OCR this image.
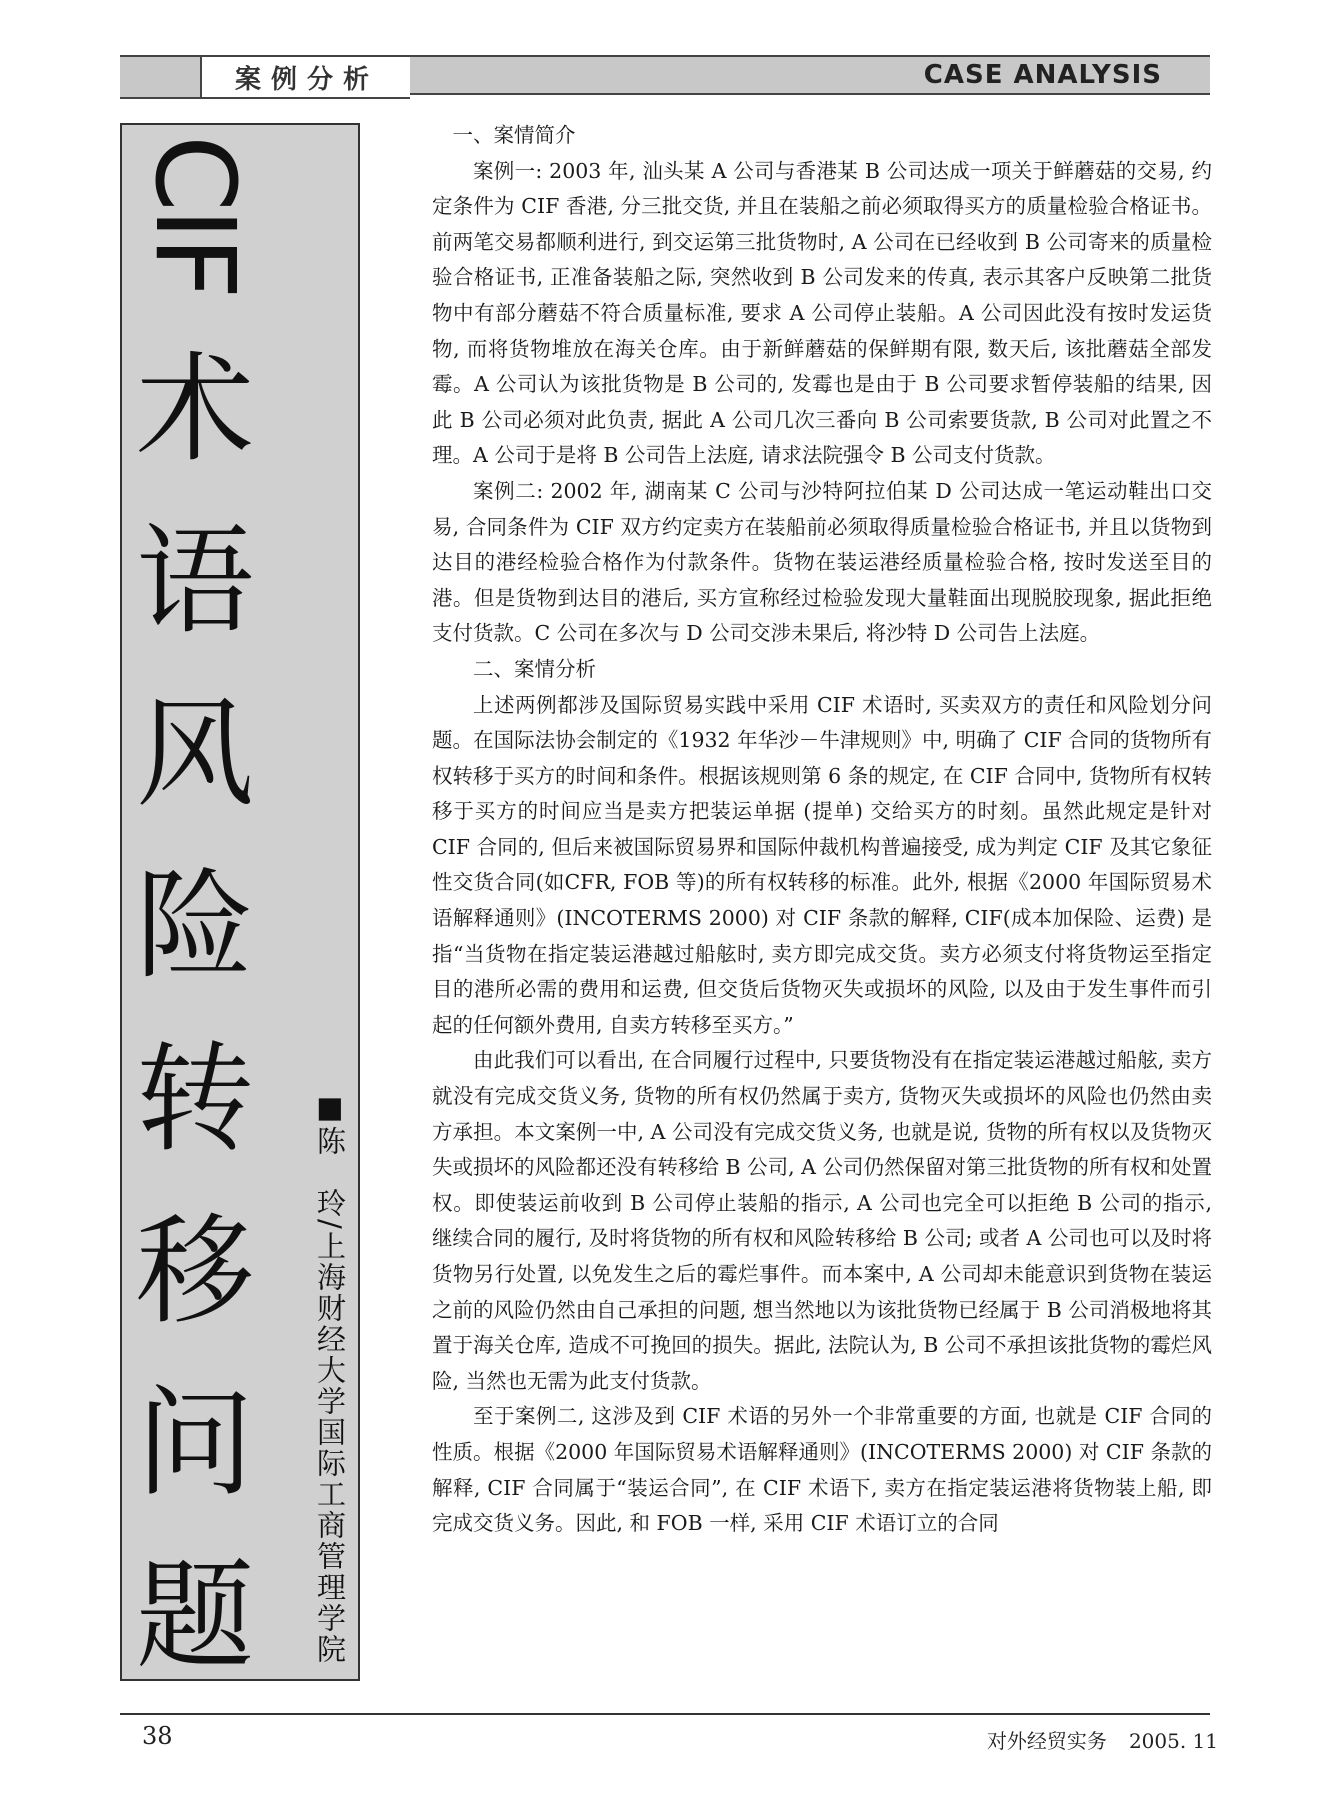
案例分析	CASE ANALYSIS
CIF
术
语
风
险
转
移
问
题 ■陈　玲/上海财经大学国际工商管理学院

一、案情简介

案例一: 2003 年, 汕头某 A 公司与香港某 B 公司达成一项关于鲜蘑菇的交易, 约定条件为 CIF 香港, 分三批交货, 并且在装船之前必须取得买方的质量检验合格证书。前两笔交易都顺利进行, 到交运第三批货物时, A 公司在已经收到 B 公司寄来的质量检验合格证书, 正准备装船之际, 突然收到 B 公司发来的传真, 表示其客户反映第二批货物中有部分蘑菇不符合质量标准, 要求 A 公司停止装船。A 公司因此没有按时发运货物, 而将货物堆放在海关仓库。由于新鲜蘑菇的保鲜期有限, 数天后, 该批蘑菇全部发霉。A 公司认为该批货物是 B 公司的, 发霉也是由于 B 公司要求暂停装船的结果, 因此 B 公司必须对此负责, 据此 A 公司几次三番向 B 公司索要货款, B 公司对此置之不理。A 公司于是将 B 公司告上法庭, 请求法院强令 B 公司支付货款。

案例二: 2002 年, 湖南某 C 公司与沙特阿拉伯某 D 公司达成一笔运动鞋出口交易, 合同条件为 CIF 双方约定卖方在装船前必须取得质量检验合格证书, 并且以货物到达目的港经检验合格作为付款条件。货物在装运港经质量检验合格, 按时发送至目的港。但是货物到达目的港后, 买方宣称经过检验发现大量鞋面出现脱胶现象, 据此拒绝支付货款。C 公司在多次与 D 公司交涉未果后, 将沙特 D 公司告上法庭。

二、案情分析

上述两例都涉及国际贸易实践中采用 CIF 术语时, 买卖双方的责任和风险划分问题。在国际法协会制定的《1932 年华沙－牛津规则》中, 明确了 CIF 合同的货物所有权转移于买方的时间和条件。根据该规则第 6 条的规定, 在 CIF 合同中, 货物所有权转移于买方的时间应当是卖方把装运单据 (提单) 交给买方的时刻。虽然此规定是针对 CIF 合同的, 但后来被国际贸易界和国际仲裁机构普遍接受, 成为判定 CIF 及其它象征性交货合同(如CFR, FOB 等)的所有权转移的标准。此外, 根据《2000 年国际贸易术语解释通则》(INCOTERMS 2000) 对 CIF 条款的解释, CIF(成本加保险、运费) 是指“当货物在指定装运港越过船舷时, 卖方即完成交货。卖方必须支付将货物运至指定目的港所必需的费用和运费, 但交货后货物灭失或损坏的风险, 以及由于发生事件而引起的任何额外费用, 自卖方转移至买方。”

由此我们可以看出, 在合同履行过程中, 只要货物没有在指定装运港越过船舷, 卖方就没有完成交货义务, 货物的所有权仍然属于卖方, 货物灭失或损坏的风险也仍然由卖方承担。本文案例一中, A 公司没有完成交货义务, 也就是说, 货物的所有权以及货物灭失或损坏的风险都还没有转移给 B 公司, A 公司仍然保留对第三批货物的所有权和处置权。即使装运前收到 B 公司停止装船的指示, A 公司也完全可以拒绝 B 公司的指示, 继续合同的履行, 及时将货物的所有权和风险转移给 B 公司; 或者 A 公司也可以及时将货物另行处置, 以免发生之后的霉烂事件。而本案中, A 公司却未能意识到货物在装运之前的风险仍然由自己承担的问题, 想当然地以为该批货物已经属于 B 公司消极地将其置于海关仓库, 造成不可挽回的损失。据此, 法院认为, B 公司不承担该批货物的霉烂风险, 当然也无需为此支付货款。

至于案例二, 这涉及到 CIF 术语的另外一个非常重要的方面, 也就是 CIF 合同的性质。根据《2000 年国际贸易术语解释通则》(INCOTERMS 2000) 对 CIF 条款的解释, CIF 合同属于“装运合同”, 在 CIF 术语下, 卖方在指定装运港将货物装上船, 即完成交货义务。因此, 和 FOB 一样, 采用 CIF 术语订立的合同

38	对外经贸实务 2005. 11
